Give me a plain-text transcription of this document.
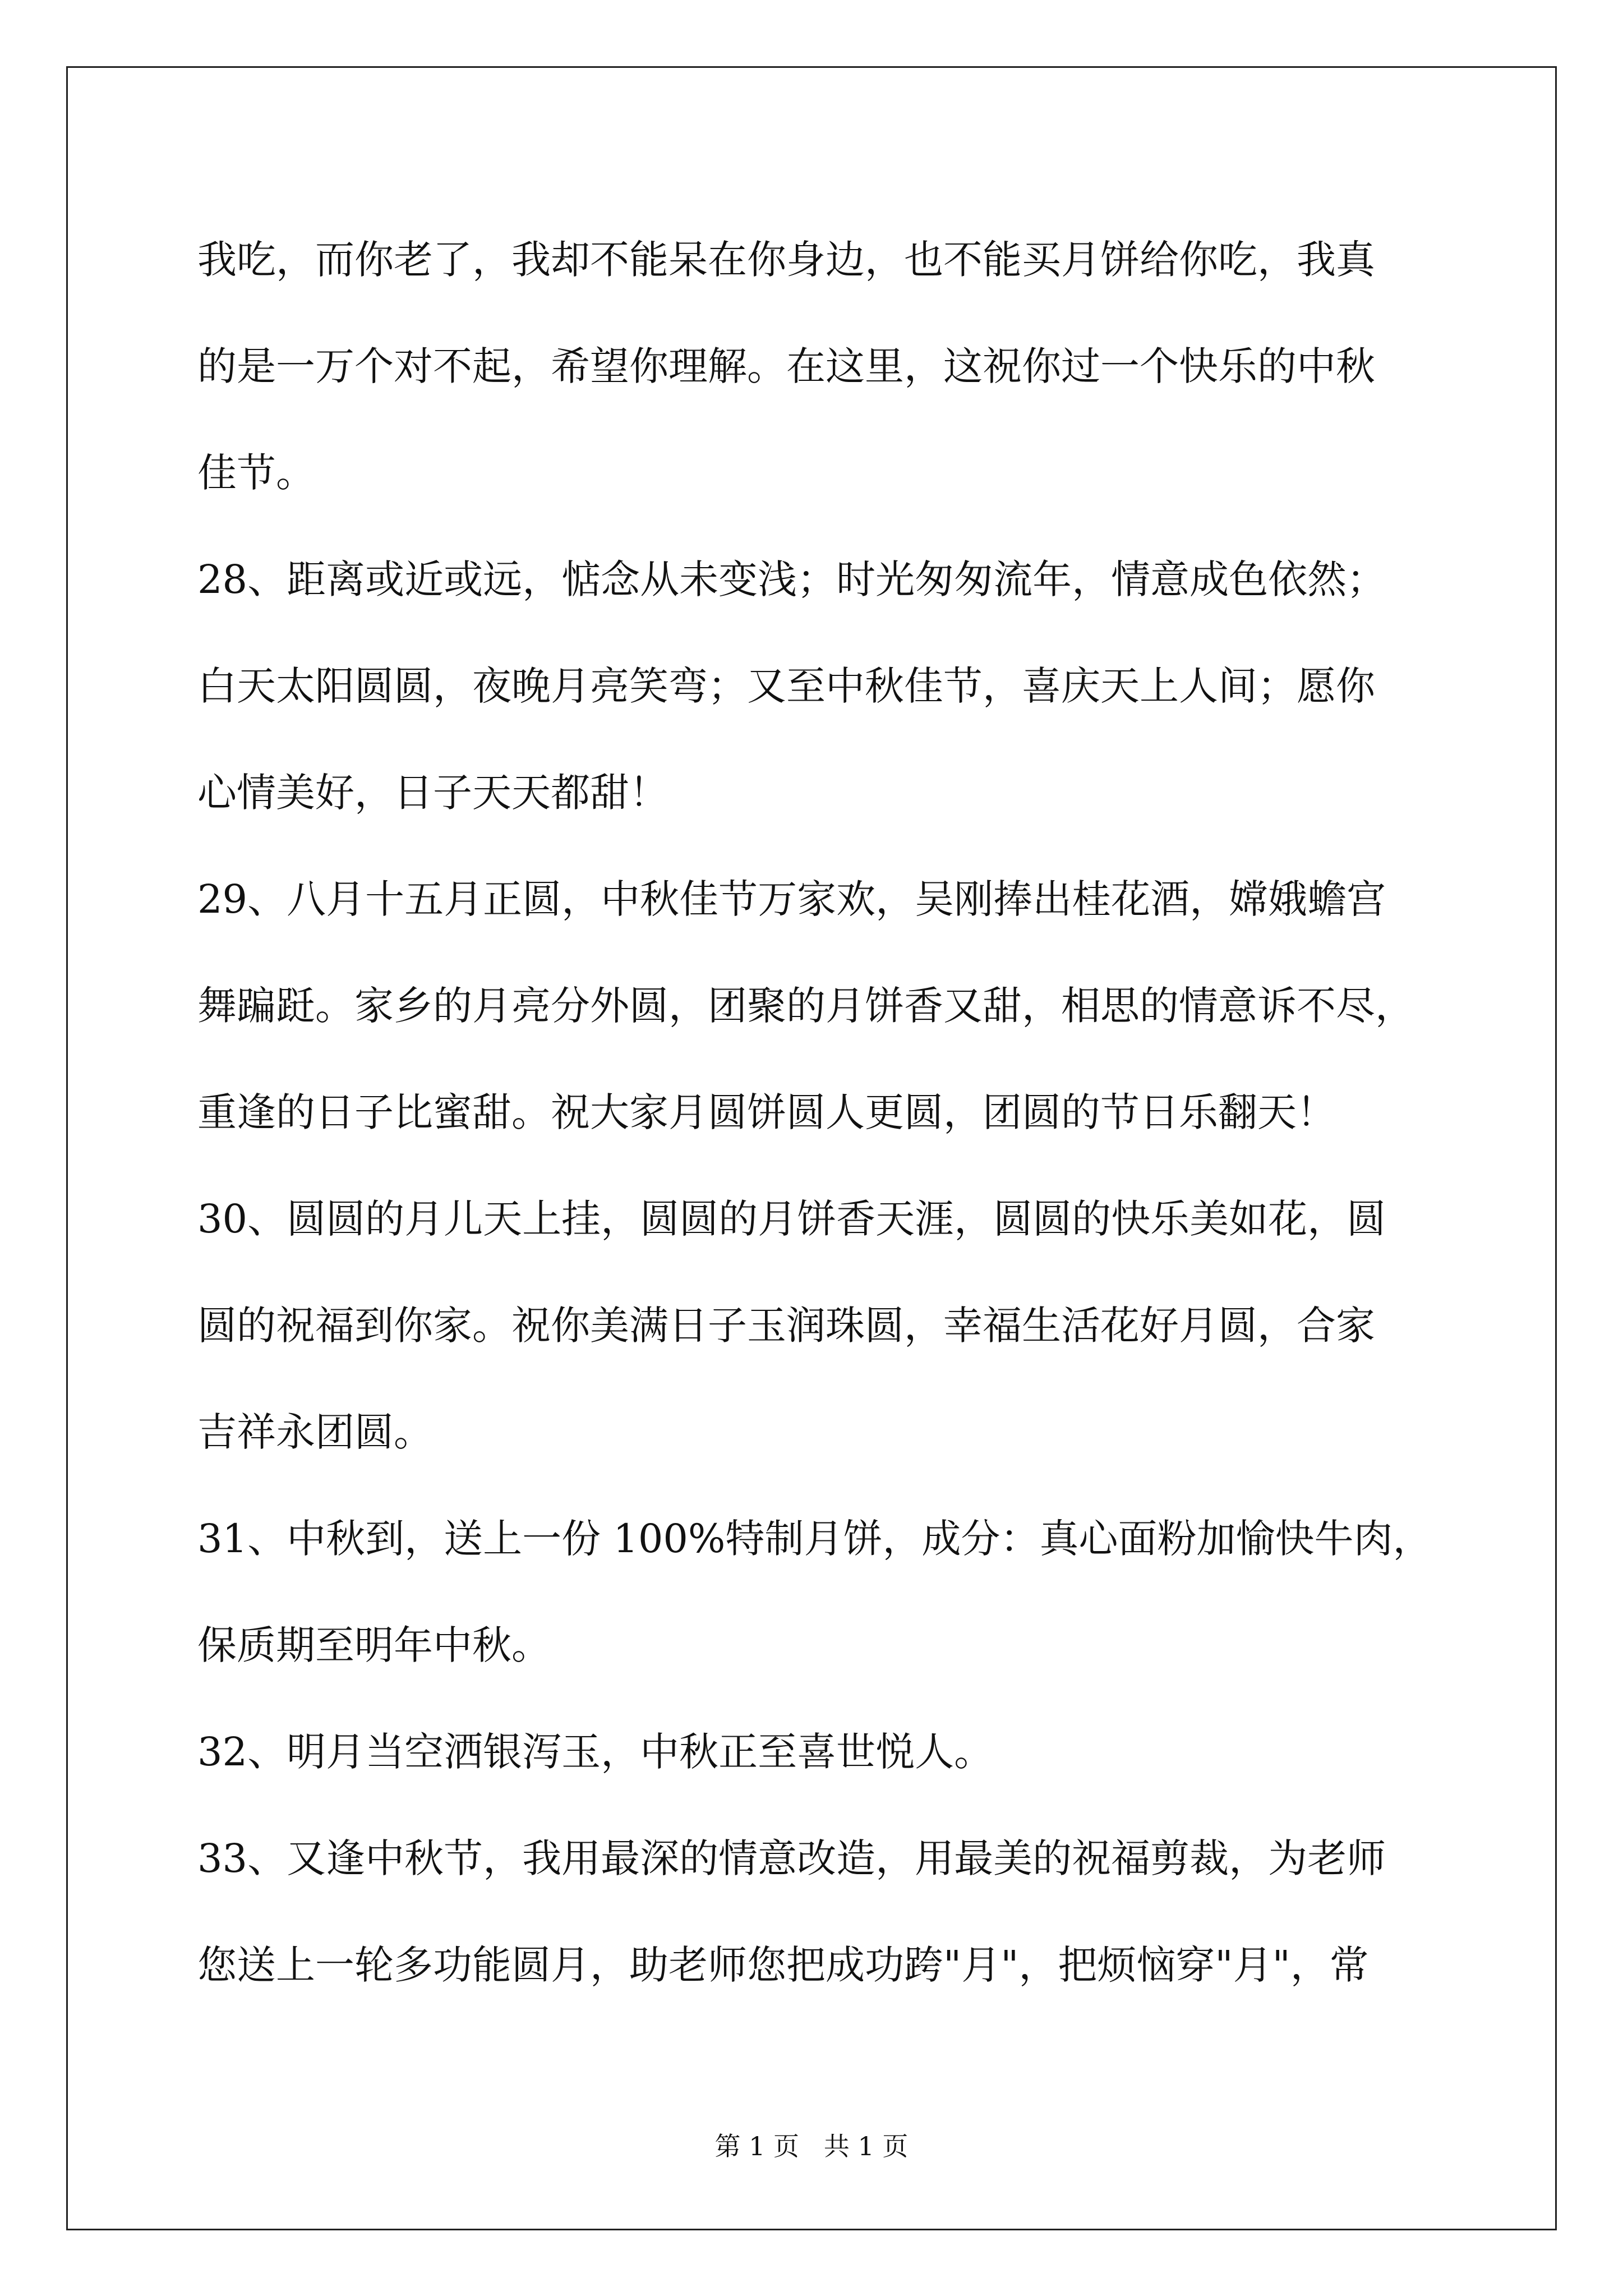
我吃，而你老了，我却不能呆在你身边，也不能买月饼给你吃，我真
的是一万个对不起，希望你理解。在这里，这祝你过一个快乐的中秋
佳节。
28、距离或近或远，惦念从未变浅；时光匆匆流年，情意成色依然；
白天太阳圆圆，夜晚月亮笑弯；又至中秋佳节，喜庆天上人间；愿你
心情美好，日子天天都甜！
29、八月十五月正圆，中秋佳节万家欢，吴刚捧出桂花酒，嫦娥蟾宫
舞蹁跹。家乡的月亮分外圆，团聚的月饼香又甜，相思的情意诉不尽，
重逢的日子比蜜甜。祝大家月圆饼圆人更圆，团圆的节日乐翻天！
30、圆圆的月儿天上挂，圆圆的月饼香天涯，圆圆的快乐美如花，圆
圆的祝福到你家。祝你美满日子玉润珠圆，幸福生活花好月圆，合家
吉祥永团圆。
31、中秋到，送上一份 100%特制月饼，成分：真心面粉加愉快牛肉，
保质期至明年中秋。
32、明月当空洒银泻玉，中秋正至喜世悦人。
33、又逢中秋节，我用最深的情意改造，用最美的祝福剪裁，为老师
您送上一轮多功能圆月，助老师您把成功跨"月"，把烦恼穿"月"，常
第 1 页   共 1 页
